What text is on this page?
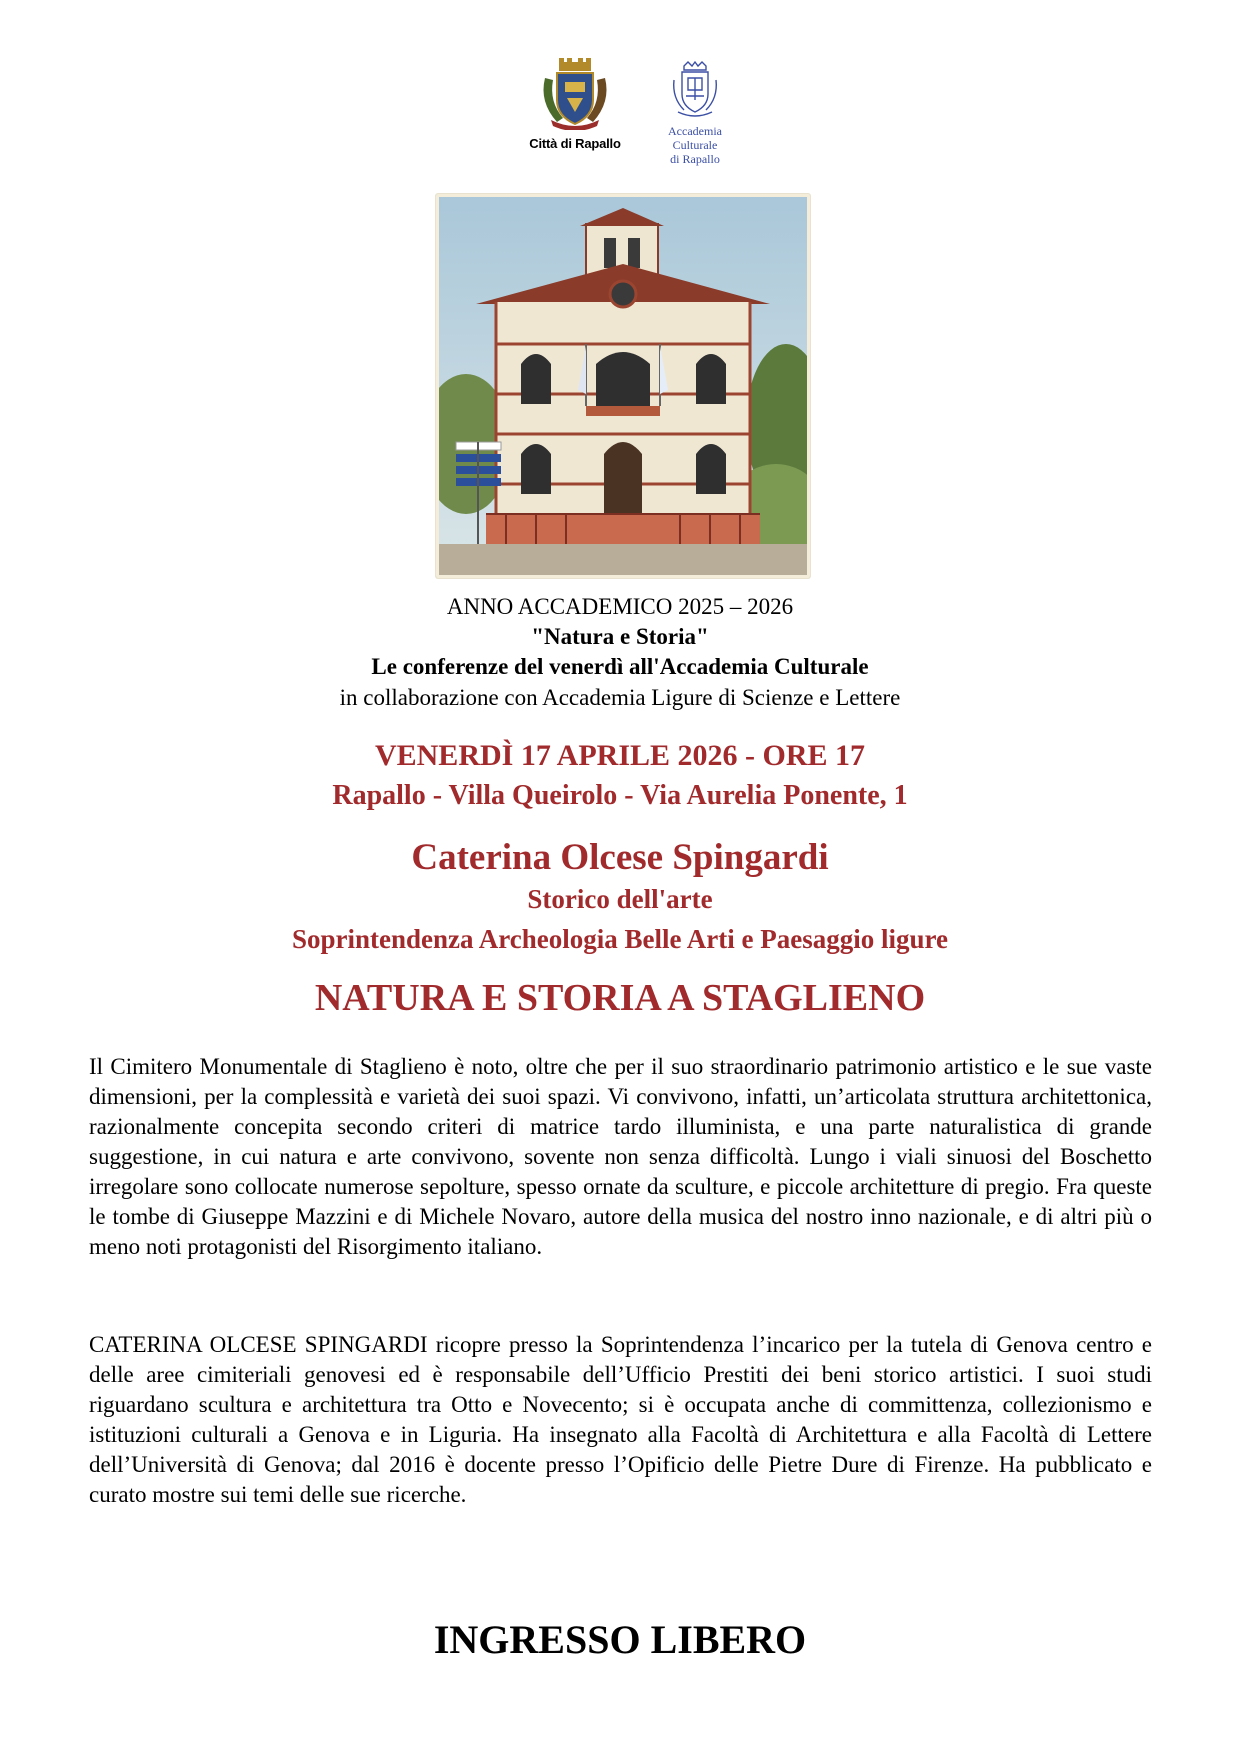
Città di Rapallo
Accademia
Culturale
di Rapallo
ANNO ACCADEMICO 2025 – 2026
"Natura e Storia"
Le conferenze del venerdì all'Accademia Culturale
in collaborazione con Accademia Ligure di Scienze e Lettere
VENERDÌ 17 APRILE 2026 - ORE 17
Rapallo - Villa Queirolo - Via Aurelia Ponente, 1
Caterina Olcese Spingardi
Storico dell'arte
Soprintendenza Archeologia Belle Arti e Paesaggio ligure
NATURA E STORIA A STAGLIENO
Il Cimitero Monumentale di Staglieno è noto, oltre che per il suo straordinario patrimonio artistico e le sue vaste dimensioni, per la complessità e varietà dei suoi spazi. Vi convivono, infatti, un’articolata struttura architettonica, razionalmente concepita secondo criteri di matrice tardo illuminista, e una parte naturalistica di grande suggestione, in cui natura e arte convivono, sovente non senza difficoltà. Lungo i viali sinuosi del Boschetto irregolare sono collocate numerose sepolture, spesso ornate da sculture, e piccole architetture di pregio. Fra queste le tombe di Giuseppe Mazzini e di Michele Novaro, autore della musica del nostro inno nazionale, e di altri più o meno noti protagonisti del Risorgimento italiano.
CATERINA OLCESE SPINGARDI ricopre presso la Soprintendenza l’incarico per la tutela di Genova centro e delle aree cimiteriali genovesi ed è responsabile dell’Ufficio Prestiti dei beni storico artistici. I suoi studi riguardano scultura e architettura tra Otto e Novecento; si è occupata anche di committenza, collezionismo e istituzioni culturali a Genova e in Liguria. Ha insegnato alla Facoltà di Architettura e alla Facoltà di Lettere dell’Università di Genova; dal 2016 è docente presso l’Opificio delle Pietre Dure di Firenze. Ha pubblicato e curato mostre sui temi delle sue ricerche.
INGRESSO LIBERO
